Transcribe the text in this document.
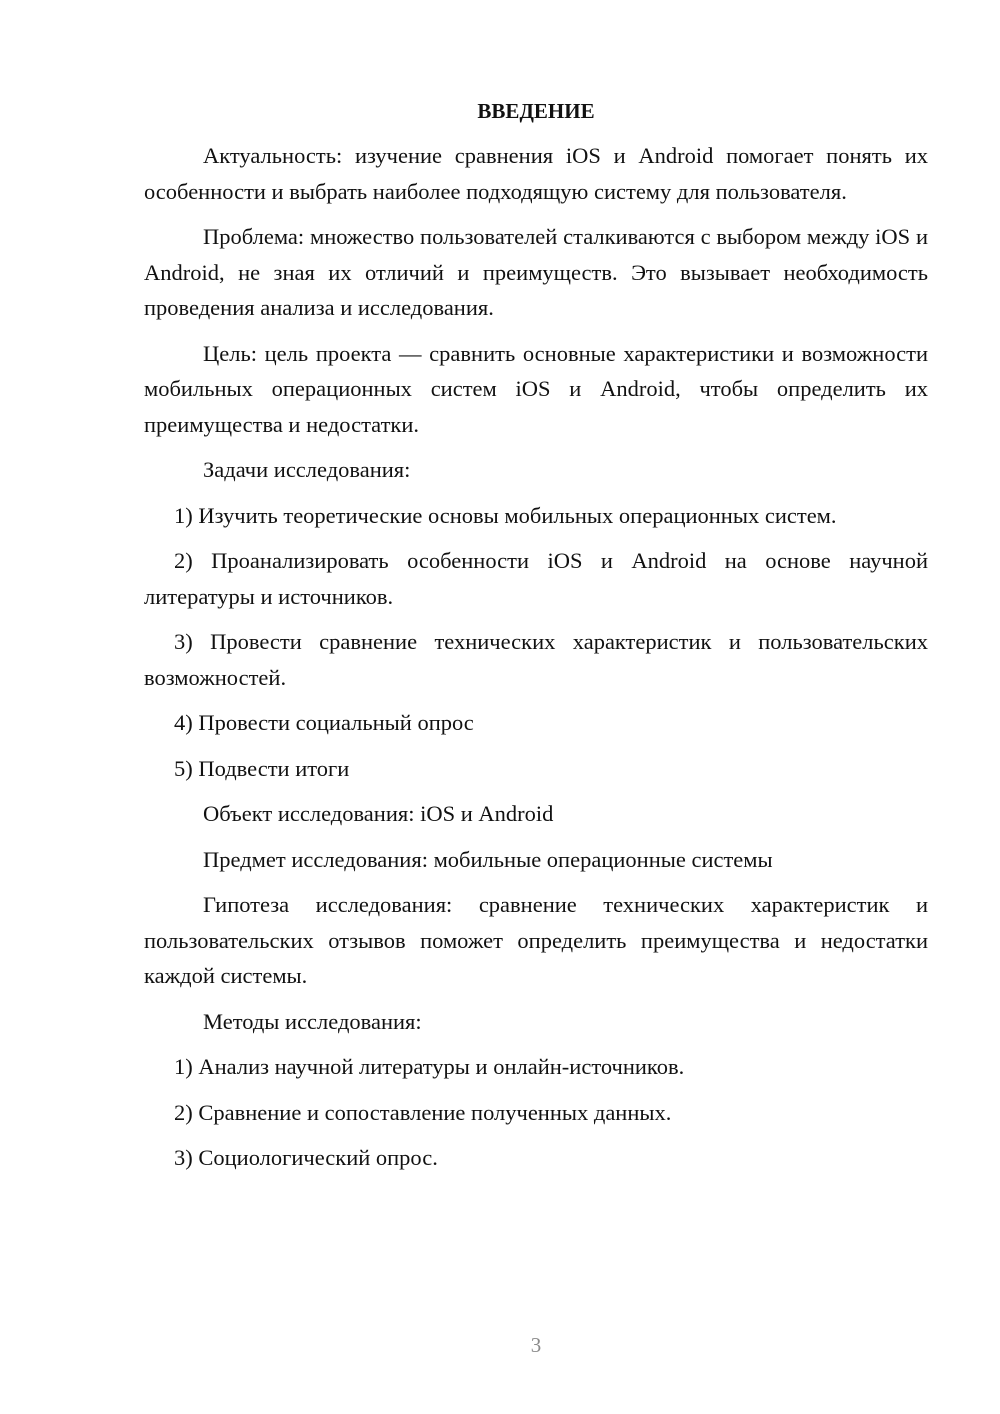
ВВЕДЕНИЕ

Актуальность: изучение сравнения iOS и Android помогает понять их особенности и выбрать наиболее подходящую систему для пользователя.

Проблема: множество пользователей сталкиваются с выбором между iOS и Android, не зная их отличий и преимуществ. Это вызывает необходимость проведения анализа и исследования.

Цель: цель проекта — сравнить основные характеристики и возможности мобильных операционных систем iOS и Android, чтобы определить их преимущества и недостатки.

Задачи исследования:

1) Изучить теоретические основы мобильных операционных систем.

2) Проанализировать особенности iOS и Android на основе научной литературы и источников.

3) Провести сравнение технических характеристик и пользовательских возможностей.

4) Провести социальный опрос

5) Подвести итоги

Объект исследования: iOS и Android

Предмет исследования: мобильные операционные системы

Гипотеза исследования: сравнение технических характеристик и пользовательских отзывов поможет определить преимущества и недостатки каждой системы.

Методы исследования:

1) Анализ научной литературы и онлайн-источников.

2) Сравнение и сопоставление полученных данных.

3) Социологический опрос.

3
